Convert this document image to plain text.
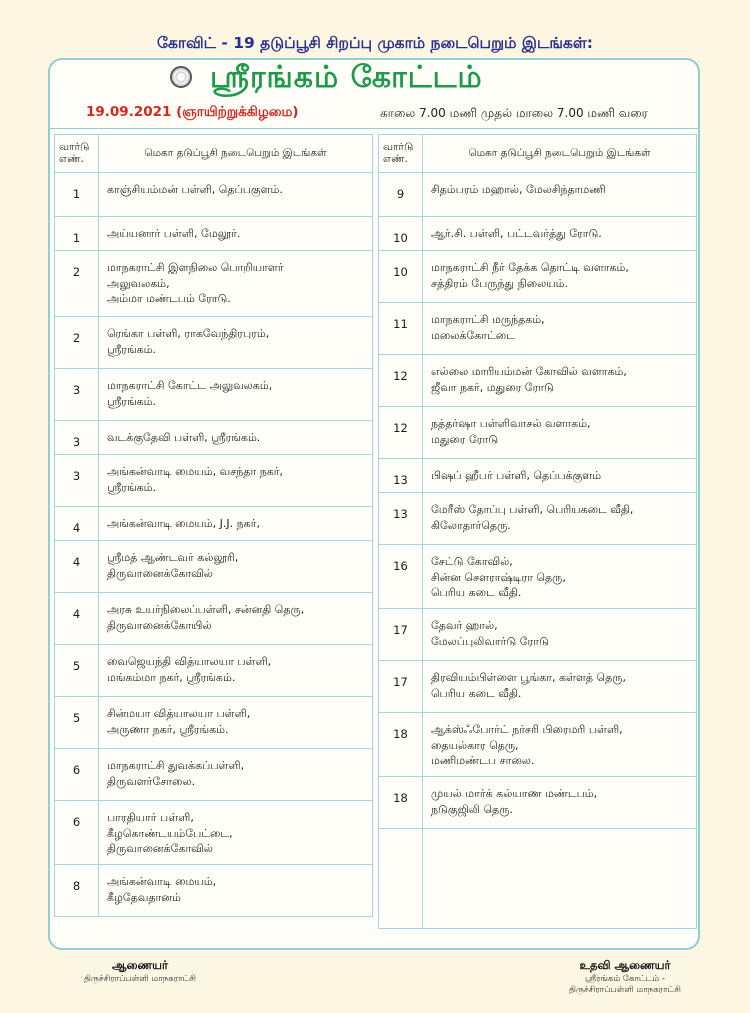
கோவிட் - 19 தடுப்பூசி சிறப்பு முகாம் நடைபெறும் இடங்கள்:
ஸ்ரீரங்கம் கோட்டம்
19.09.2021 (ஞாயிற்றுக்கிழமை)	காலை 7.00 மணி முதல் மாலை 7.00 மணி வரை
வார்டு
எண்.	மெகா தடுப்பூசி நடைபெறும் இடங்கள்
1	காஞ்சியம்மன் பள்ளி, தெப்பகுளம்.
1	அய்யனார் பள்ளி, மேலூர்.
2	மாநகராட்சி இளநிலை பொறியாளர்
அலுவலகம்,
அம்மா மண்டபம் ரோடு.
2	ரெங்கா பள்ளி, ராகவேந்திரபுரம்,
ஸ்ரீரங்கம்.
3	மாநகராட்சி கோட்ட அலுவலகம்,
ஸ்ரீரங்கம்.
3	வடக்குதேவி பள்ளி, ஸ்ரீரங்கம்.
3	அங்கன்வாடி மையம், வசந்தா நகர்,
ஸ்ரீரங்கம்.
4	அங்கன்வாடி மையம், J.J. நகர்,
4	ஸ்ரீமத் ஆண்டவர் கல்லூரி,
திருவானைக்கோவில்
4	அரசு உயர்நிலைப்பள்ளி, சன்னதி தெரு,
திருவானைக்கோயில்
5	வைஜெயந்தி வித்யாலயா பள்ளி,
மங்கம்மா நகர், ஸ்ரீரங்கம்.
5	சின்மயா வித்யாலயா பள்ளி,
அருணா நகர், ஸ்ரீரங்கம்.
6	மாநகராட்சி துவக்கப்பள்ளி,
திருவளர்சோலை.
6	பாரதியார் பள்ளி,
கீழகொண்டயம்பேட்டை,
திருவானைக்கோவில்
8	அங்கன்வாடி மையம்,
கீழதேவதானம்
வார்டு
எண்.	மெகா தடுப்பூசி நடைபெறும் இடங்கள்
9	சிதம்பரம் மஹால், மேலசிந்தாமணி
10	ஆர்.சி. பள்ளி, பட்டவர்த்து ரோடு.
10	மாநகராட்சி நீர் தேக்க தொட்டி வளாகம்,
சத்திரம் பேருந்து நிலையம்.
11	மாநகராட்சி மருந்தகம்,
மலைக்கோட்டை
12	எல்லை மாரியம்மன் கோவில் வளாகம்,
ஜீவா நகர், மதுரை ரோடு
12	நத்தர்ஷா பள்ளிவாசல் வளாகம்,
மதுரை ரோடு
13	பிஷப் ஹீபர் பள்ளி, தெப்பக்குளம்
13	மேரீஸ் தோப்பு பள்ளி, பெரியகடை வீதி,
கிலோதார்தெரு.
16	சேட்டு கோவில்,
சின்ன சௌராஷ்டிரா தெரு,
பெரிய கடை வீதி.
17	தேவர் ஹால்,
மேலப்புலிவார்டு ரோடு
17	திரவியம்பிள்ளை பூங்கா, கள்ளத் தெரு,
பெரிய கடை வீதி.
18	ஆக்ஸ்ஃபோர்ட் நர்சரி பிரைமரி பள்ளி,
தையல்கார தெரு,
மணிமண்டப சாலை.
18	முயல் மார்க் கல்யாண மண்டபம்,
நடுகுஜிலி தெரு.

ஆணையர்
திருச்சிராப்பள்ளி மாநகராட்சி
உதவி ஆணையர்
ஸ்ரீரங்கம் கோட்டம் -
திருச்சிராப்பள்ளி மாநகராட்சி
